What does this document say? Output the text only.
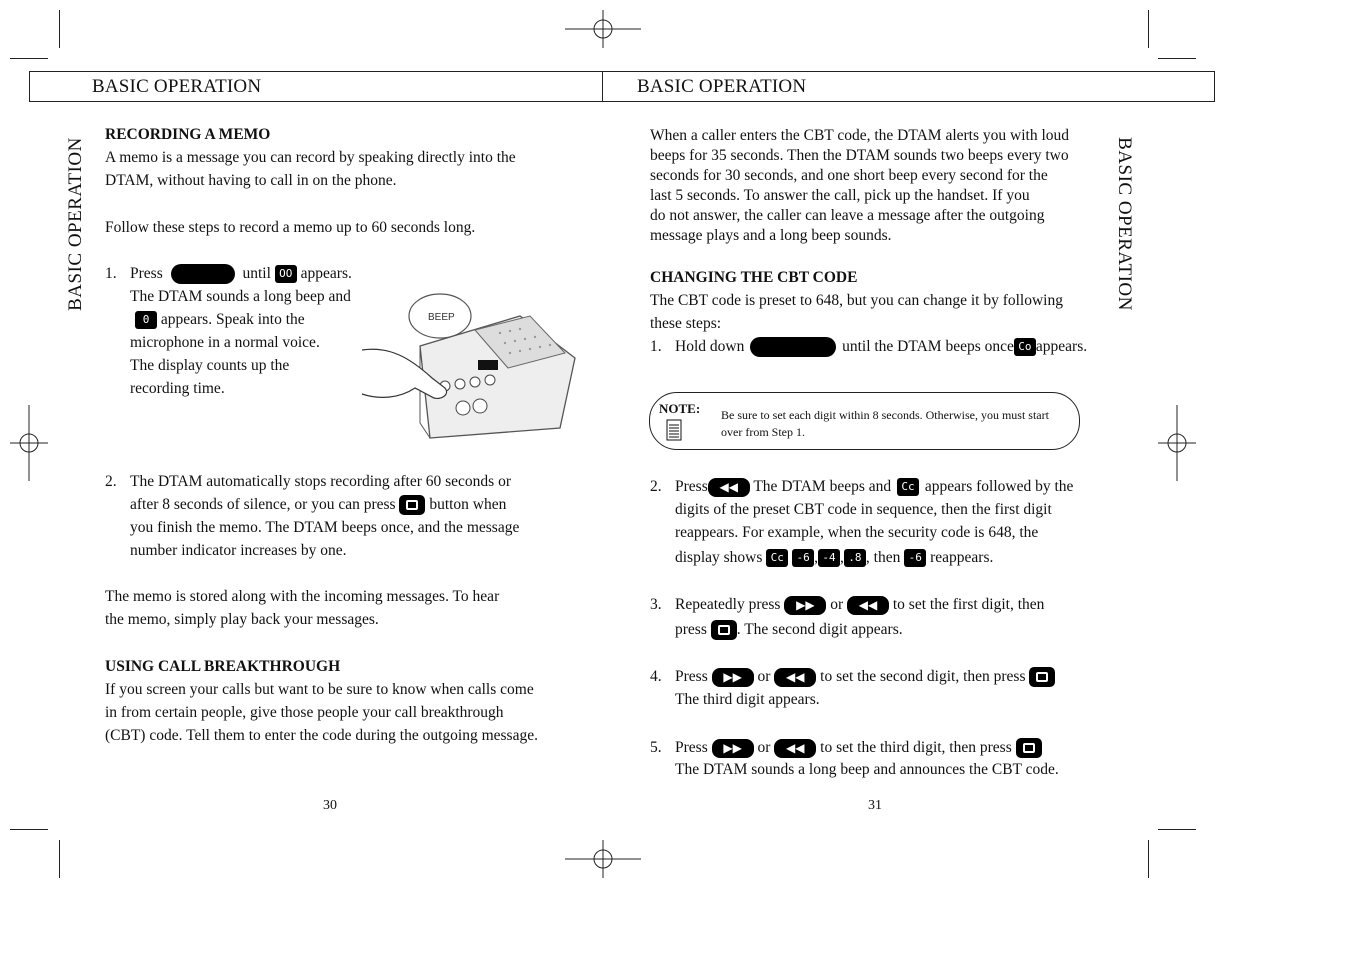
BASIC OPERATION	BASIC OPERATION
BASIC OPERATION	BASIC OPERATION
RECORDING A MEMO
A memo is a message you can record by speaking directly into the
DTAM, without having to call in on the phone.
Follow these steps to record a memo up to 60 seconds long.
1. Press	until OO appears.
The DTAM sounds a long beep and
0 appears. Speak into the
microphone in a normal voice.
The display counts up the
recording time.
BEEP
2. The DTAM automatically stops recording after 60 seconds or
after 8 seconds of silence, or you can press button when
you finish the memo. The DTAM beeps once, and the message
number indicator increases by one.
The memo is stored along with the incoming messages. To hear
the memo, simply play back your messages.
USING CALL BREAKTHROUGH
If you screen your calls but want to be sure to know when calls come
in from certain people, give those people your call breakthrough
(CBT) code. Tell them to enter the code during the outgoing message.
30
When a caller enters the CBT code, the DTAM alerts you with loud
beeps for 35 seconds. Then the DTAM sounds two beeps every two
seconds for 30 seconds, and one short beep every second for the
last 5 seconds. To answer the call, pick up the handset. If you
do not answer, the caller can leave a message after the outgoing
message plays and a long beep sounds.
CHANGING THE CBT CODE
The CBT code is preset to 648, but you can change it by following
these steps:
1. Hold down	until the DTAM beeps once Co appears.
NOTE: Be sure to set each digit within 8 seconds. Otherwise, you must start
over from Step 1.
2. Press ◀◀ The DTAM beeps and Cc appears followed by the
digits of the preset CBT code in sequence, then the first digit
reappears. For example, when the security code is 648, the
display shows Cc -6 , -4 , .8 , then -6 reappears.
3. Repeatedly press ▶▶ or ◀◀ to set the first digit, then
press . The second digit appears.
4. Press ▶▶ or ◀◀ to set the second digit, then press
The third digit appears.
5. Press ▶▶ or ◀◀ to set the third digit, then press
The DTAM sounds a long beep and announces the CBT code.
31
